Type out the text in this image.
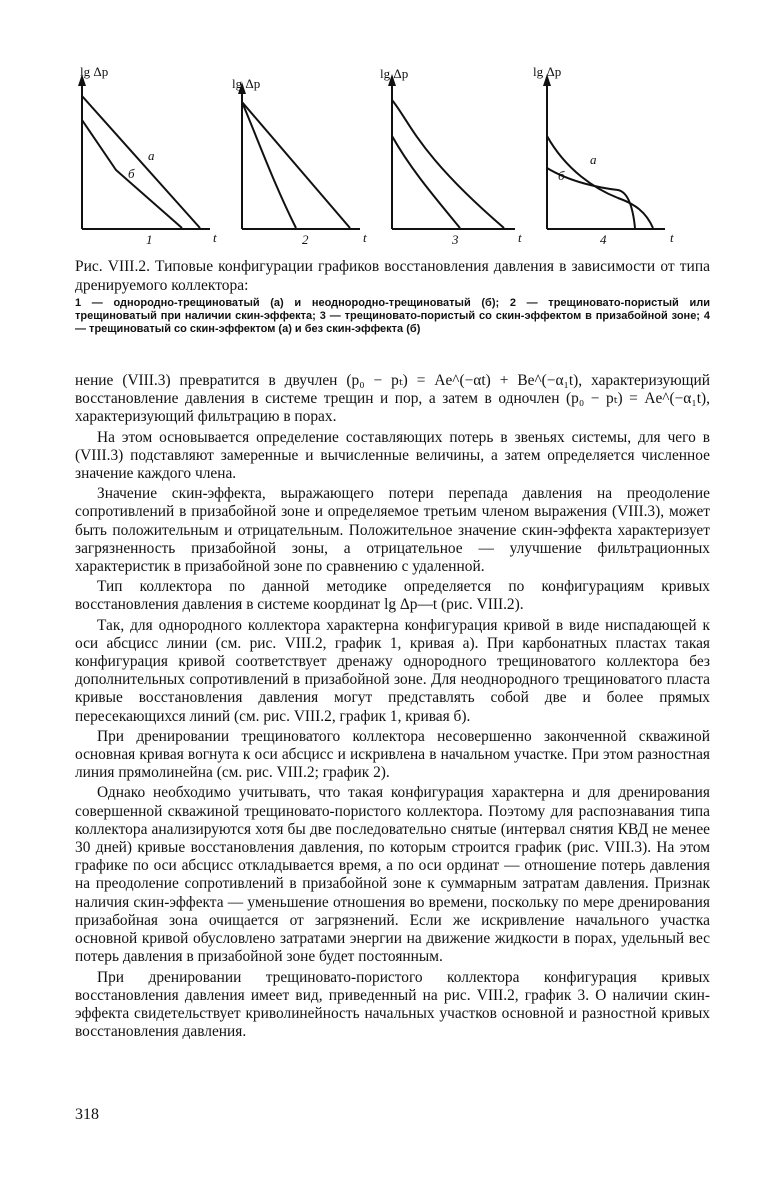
lg Δp
t
1
а
б
lg Δp
t
2
lg Δp
t
3
lg Δp
t
4
а
б

Рис. VIII.2. Типовые конфигурации графиков восстановления давления в зависимости от типа дренируемого коллектора:

1 — однородно-трещиноватый (а) и неоднородно-трещиноватый (б); 2 — трещиновато-пористый или трещиноватый при наличии скин-эффекта; 3 — трещиновато-пористый со скин-эффектом в призабойной зоне; 4 — трещиноватый со скин-эффектом (а) и без скин-эффекта (б)

нение (VIII.3) превратится в двучлен (p₀ − pₜ) = Ae^(−αt) + Be^(−α₁t), характеризующий восстановление давления в системе трещин и пор, а затем в одночлен (p₀ − pₜ) = Ae^(−α₁t), характеризующий фильтрацию в порах.

На этом основывается определение составляющих потерь в звеньях системы, для чего в (VIII.3) подставляют замеренные и вычисленные величины, а затем определяется численное значение каждого члена.

Значение скин-эффекта, выражающего потери перепада давления на преодоление сопротивлений в призабойной зоне и определяемое третьим членом выражения (VIII.3), может быть положительным и отрицательным. Положительное значение скин-эффекта характеризует загрязненность призабойной зоны, а отрицательное — улучшение фильтрационных характеристик в призабойной зоне по сравнению с удаленной.

Тип коллектора по данной методике определяется по конфигурациям кривых восстановления давления в системе координат lg Δp—t (рис. VIII.2).

Так, для однородного коллектора характерна конфигурация кривой в виде ниспадающей к оси абсцисс линии (см. рис. VIII.2, график 1, кривая а). При карбонатных пластах такая конфигурация кривой соответствует дренажу однородного трещиноватого коллектора без дополнительных сопротивлений в призабойной зоне. Для неоднородного трещиноватого пласта кривые восстановления давления могут представлять собой две и более прямых пересекающихся линий (см. рис. VIII.2, график 1, кривая б).

При дренировании трещиноватого коллектора несовершенно законченной скважиной основная кривая вогнута к оси абсцисс и искривлена в начальном участке. При этом разностная линия прямолинейна (см. рис. VIII.2; график 2).

Однако необходимо учитывать, что такая конфигурация характерна и для дренирования совершенной скважиной трещиновато-пористого коллектора. Поэтому для распознавания типа коллектора анализируются хотя бы две последовательно снятые (интервал снятия КВД не менее 30 дней) кривые восстановления давления, по которым строится график (рис. VIII.3). На этом графике по оси абсцисс откладывается время, а по оси ординат — отношение потерь давления на преодоление сопротивлений в призабойной зоне к суммарным затратам давления. Признак наличия скин-эффекта — уменьшение отношения во времени, поскольку по мере дренирования призабойная зона очищается от загрязнений. Если же искривление начального участка основной кривой обусловлено затратами энергии на движение жидкости в порах, удельный вес потерь давления в призабойной зоне будет постоянным.

При дренировании трещиновато-пористого коллектора конфигурация кривых восстановления давления имеет вид, приведенный на рис. VIII.2, график 3. О наличии скин-эффекта свидетельствует криволинейность начальных участков основной и разностной кривых восстановления давления.

318
